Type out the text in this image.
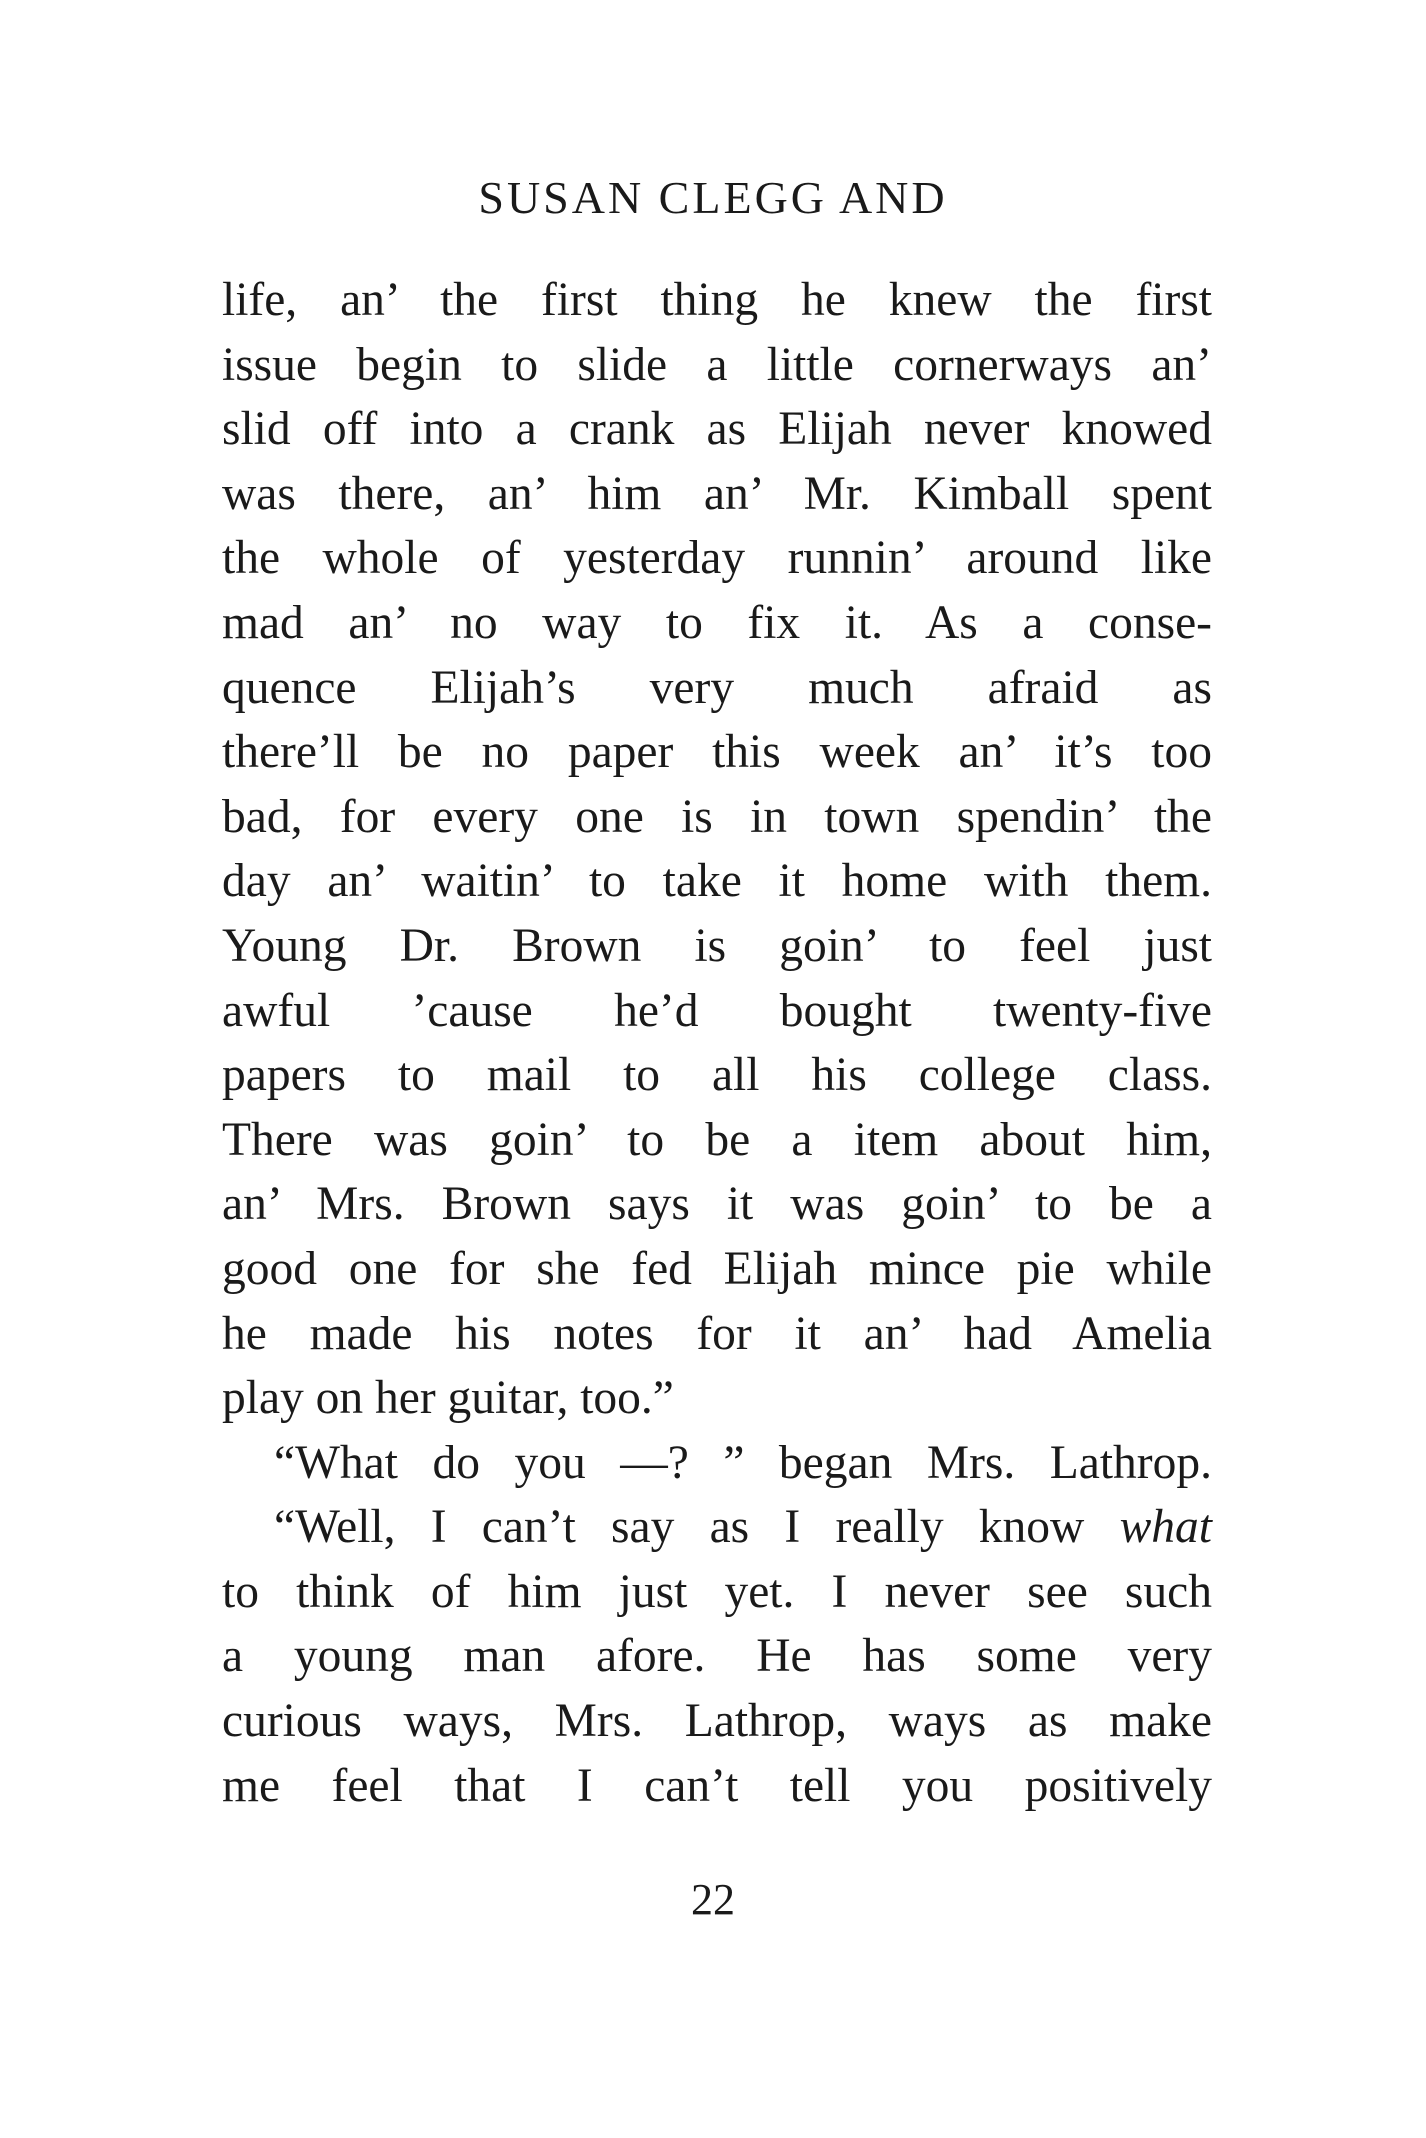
SUSAN CLEGG AND
life, an’ the first thing he knew the first
issue begin to slide a little cornerways an’
slid off into a crank as Elijah never knowed
was there, an’ him an’ Mr. Kimball spent
the whole of yesterday runnin’ around like
mad an’ no way to fix it. As a conse-
quence Elijah’s very much afraid as
there’ll be no paper this week an’ it’s too
bad, for every one is in town spendin’ the
day an’ waitin’ to take it home with them.
Young Dr. Brown is goin’ to feel just
awful ’cause he’d bought twenty-five
papers to mail to all his college class.
There was goin’ to be a item about him,
an’ Mrs. Brown says it was goin’ to be a
good one for she fed Elijah mince pie while
he made his notes for it an’ had Amelia
play on her guitar, too.”
“What do you —? ” began Mrs. Lathrop.
“Well, I can’t say as I really know what
to think of him just yet. I never see such
a young man afore. He has some very
curious ways, Mrs. Lathrop, ways as make
me feel that I can’t tell you positively
22
